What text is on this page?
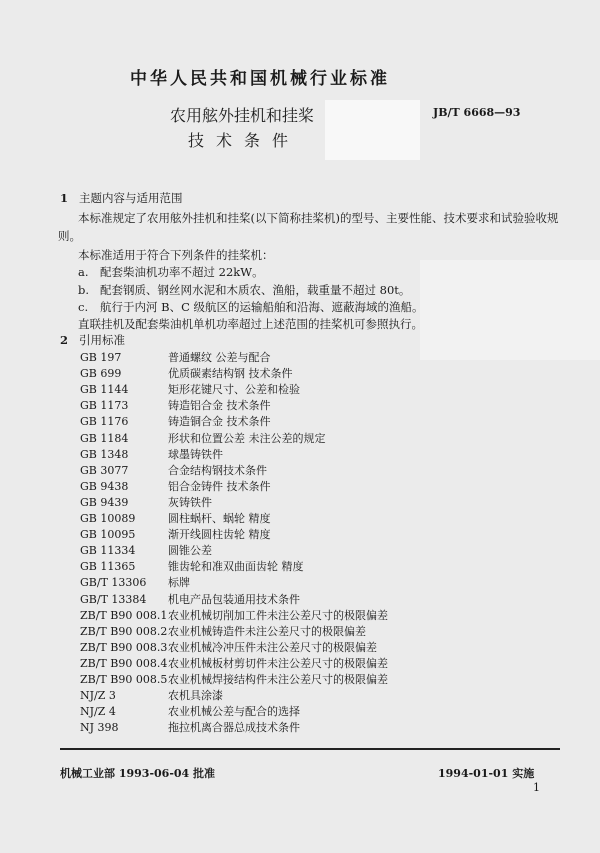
中华人民共和国机械行业标准
农用舷外挂机和挂桨
技术条件
JB/T 6668—93
1 主题内容与适用范围
本标准规定了农用舷外挂机和挂桨(以下简称挂桨机)的型号、主要性能、技术要求和试验验收规
则。
本标准适用于符合下列条件的挂桨机：
a. 配套柴油机功率不超过 22kW。
b. 配套钢质、钢丝网水泥和木质农、渔船，载重量不超过 80t。
c. 航行于内河 B、C 级航区的运输船舶和沿海、遮蔽海域的渔船。
直联挂机及配套柴油机单机功率超过上述范围的挂桨机可参照执行。
2 引用标准
GB 197	普通螺纹 公差与配合
GB 699	优质碳素结构钢 技术条件
GB 1144	矩形花键尺寸、公差和检验
GB 1173	铸造铝合金 技术条件
GB 1176	铸造铜合金 技术条件
GB 1184	形状和位置公差 未注公差的规定
GB 1348	球墨铸铁件
GB 3077	合金结构钢技术条件
GB 9438	铝合金铸件 技术条件
GB 9439	灰铸铁件
GB 10089	圆柱蜗杆、蜗轮 精度
GB 10095	渐开线圆柱齿轮 精度
GB 11334	圆锥公差
GB 11365	锥齿轮和准双曲面齿轮 精度
GB/T 13306 标牌
GB/T 13384 机电产品包装通用技术条件
ZB/T B90 008.1农业机械切削加工件未注公差尺寸的极限偏差
ZB/T B90 008.2农业机械铸造件未注公差尺寸的极限偏差
ZB/T B90 008.3农业机械冷冲压件未注公差尺寸的极限偏差
ZB/T B90 008.4农业机械板材剪切件未注公差尺寸的极限偏差
ZB/T B90 008.5农业机械焊接结构件未注公差尺寸的极限偏差
NJ/Z 3	农机具涂漆
NJ/Z 4	农业机械公差与配合的选择
NJ 398	拖拉机离合器总成技术条件
机械工业部 1993-06-04 批准	1994-01-01 实施
1
